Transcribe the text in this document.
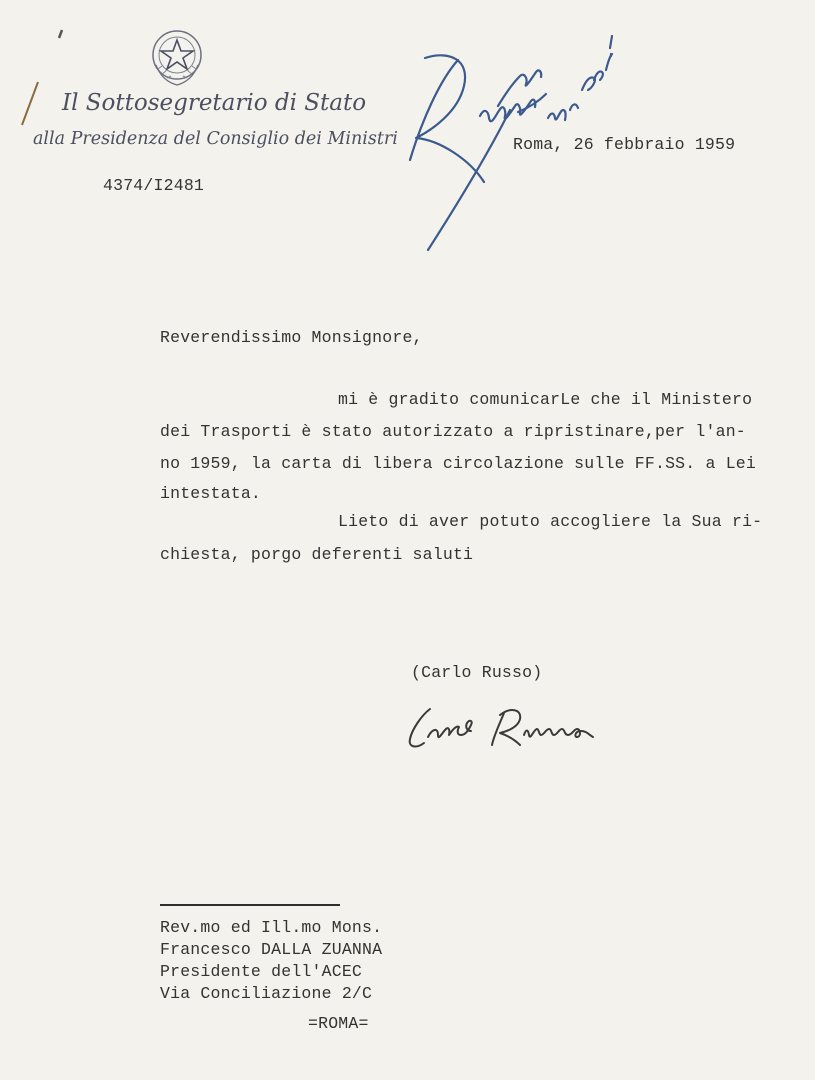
Il Sottosegretario di Stato
alla Presidenza del Consiglio dei Ministri
4374/I2481
Roma, 26 febbraio 1959
Reverendissimo Monsignore,
mi è gradito comunicarLe che il Ministero
dei Trasporti è stato autorizzato a ripristinare,per l'an-
no 1959, la carta di libera circolazione sulle FF.SS. a Lei
intestata.
Lieto di aver potuto accogliere la Sua ri-
chiesta, porgo deferenti saluti
(Carlo Russo)
Rev.mo ed Ill.mo Mons.
Francesco DALLA ZUANNA
Presidente dell'ACEC
Via Conciliazione 2/C
=ROMA=
